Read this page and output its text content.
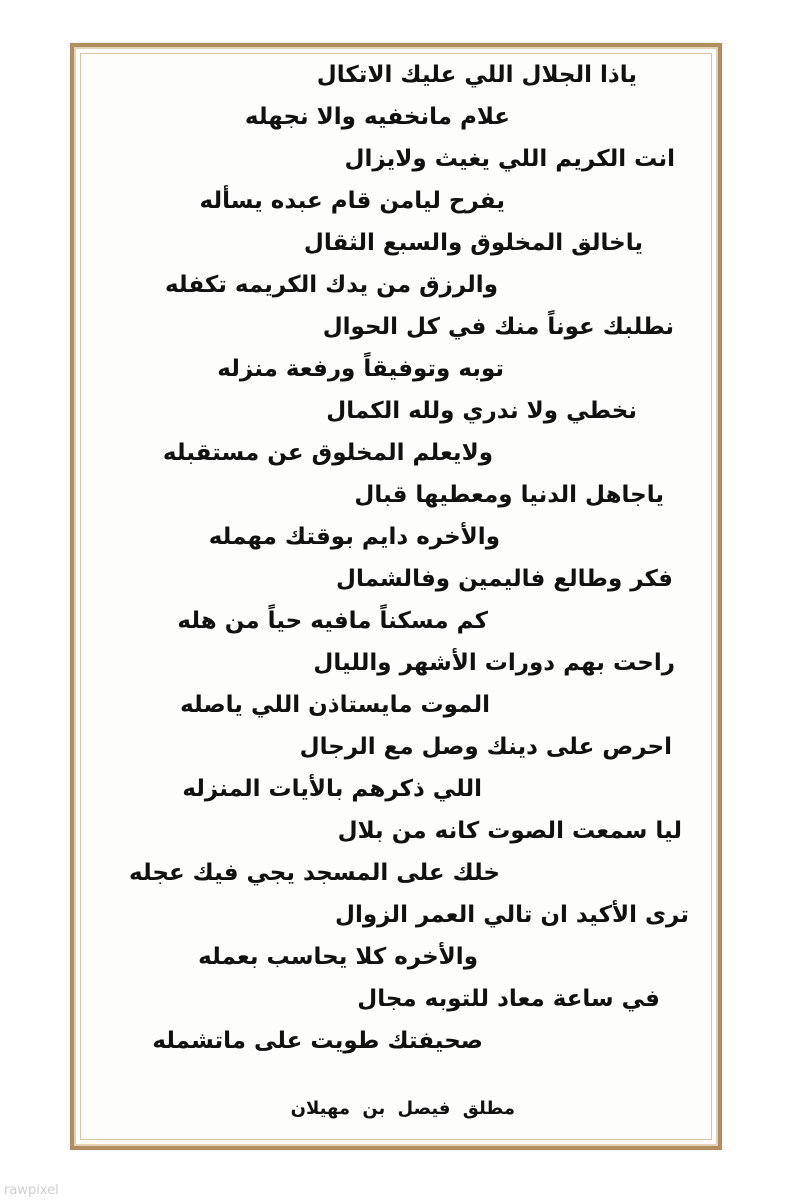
ياذا الجلال اللي عليك الاتكال
علام مانخفيه والا نجهله
انت الكريم اللي يغيث ولايزال
يفرح ليامن قام عبده يسأله
ياخالق المخلوق والسبع الثقال
والرزق من يدك الكريمه تكفله
نطلبك عوناً منك في كل الحوال
توبه وتوفيقاً ورفعة منزله
نخطي ولا ندري ولله الكمال
ولايعلم المخلوق عن مستقبله
ياجاهل الدنيا ومعطيها قبال
والأخره دايم بوقتك مهمله
فكر وطالع فاليمين وفالشمال
كم مسكناً مافيه حياً من هله
راحت بهم دورات الأشهر والليال
الموت مايستاذن اللي ياصله
احرص على دينك وصل مع الرجال
اللي ذكرهم بالأيات المنزله
ليا سمعت الصوت كانه من بلال
خلك على المسجد يجي فيك عجله
ترى الأكيد ان تالي العمر الزوال
والأخره كلا يحاسب بعمله
في ساعة معاد للتوبه مجال
صحيفتك طويت على ماتشمله
مطلق فيصل بن مهيلان
rawpixel
